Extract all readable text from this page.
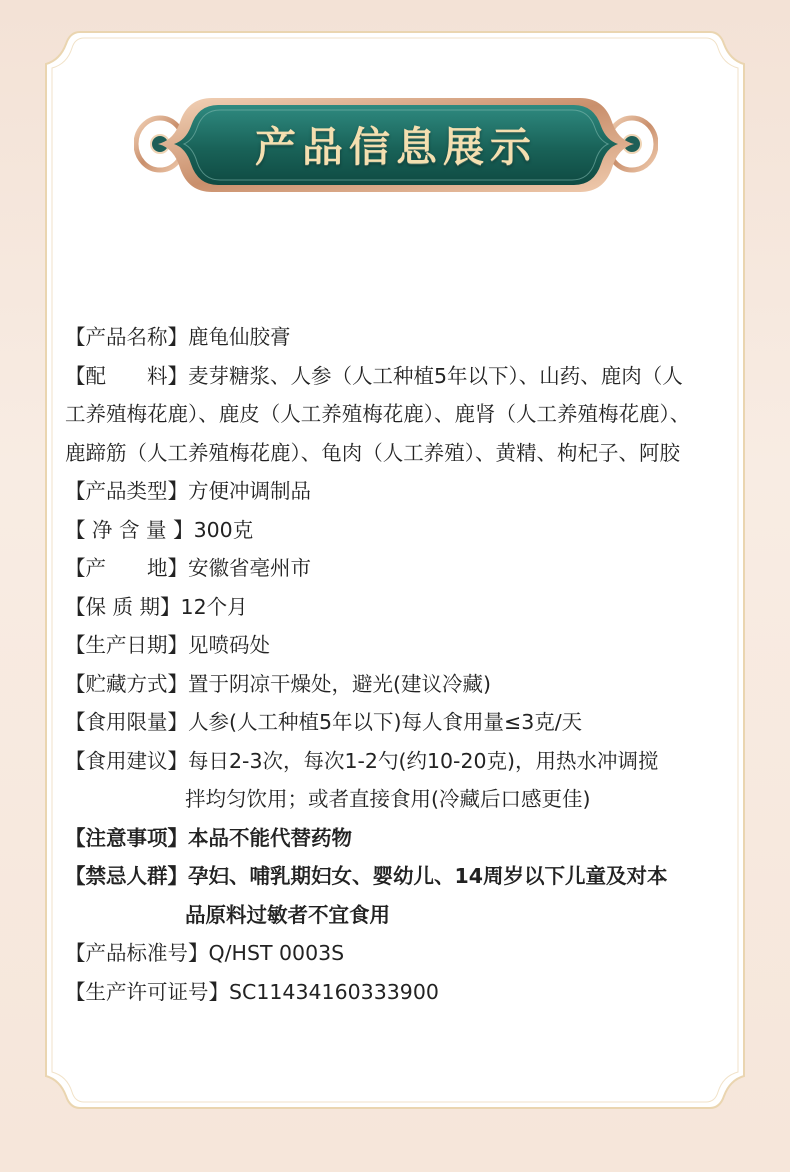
产品信息展示
【产品名称】 鹿龟仙胶膏
【配　　料】 麦芽糖浆、人参（人工种植5年以下）、山药、鹿肉（人
工养殖梅花鹿）、鹿皮（人工养殖梅花鹿）、鹿肾（人工养殖梅花鹿）、
鹿蹄筋（人工养殖梅花鹿）、龟肉（人工养殖）、黄精、枸杞子、阿胶
【产品类型】 方便冲调制品
【 净 含 量 】 300克
【产　　地】 安徽省亳州市
【保 质 期】 12个月
【生产日期】 见喷码处
【贮藏方式】 置于阴凉干燥处，避光(建议冷藏)
【食用限量】 人参(人工种植5年以下)每人食用量≤3克/天
【食用建议】 每日2-3次，每次1-2勺(约10-20克)，用热水冲调搅
拌均匀饮用；或者直接食用(冷藏后口感更佳)
【注意事项】 本品不能代替药物
【禁忌人群】 孕妇、哺乳期妇女、婴幼儿、14周岁以下儿童及对本
品原料过敏者不宜食用
【产品标准号】 Q/HST 0003S
【生产许可证号】 SC11434160333900
